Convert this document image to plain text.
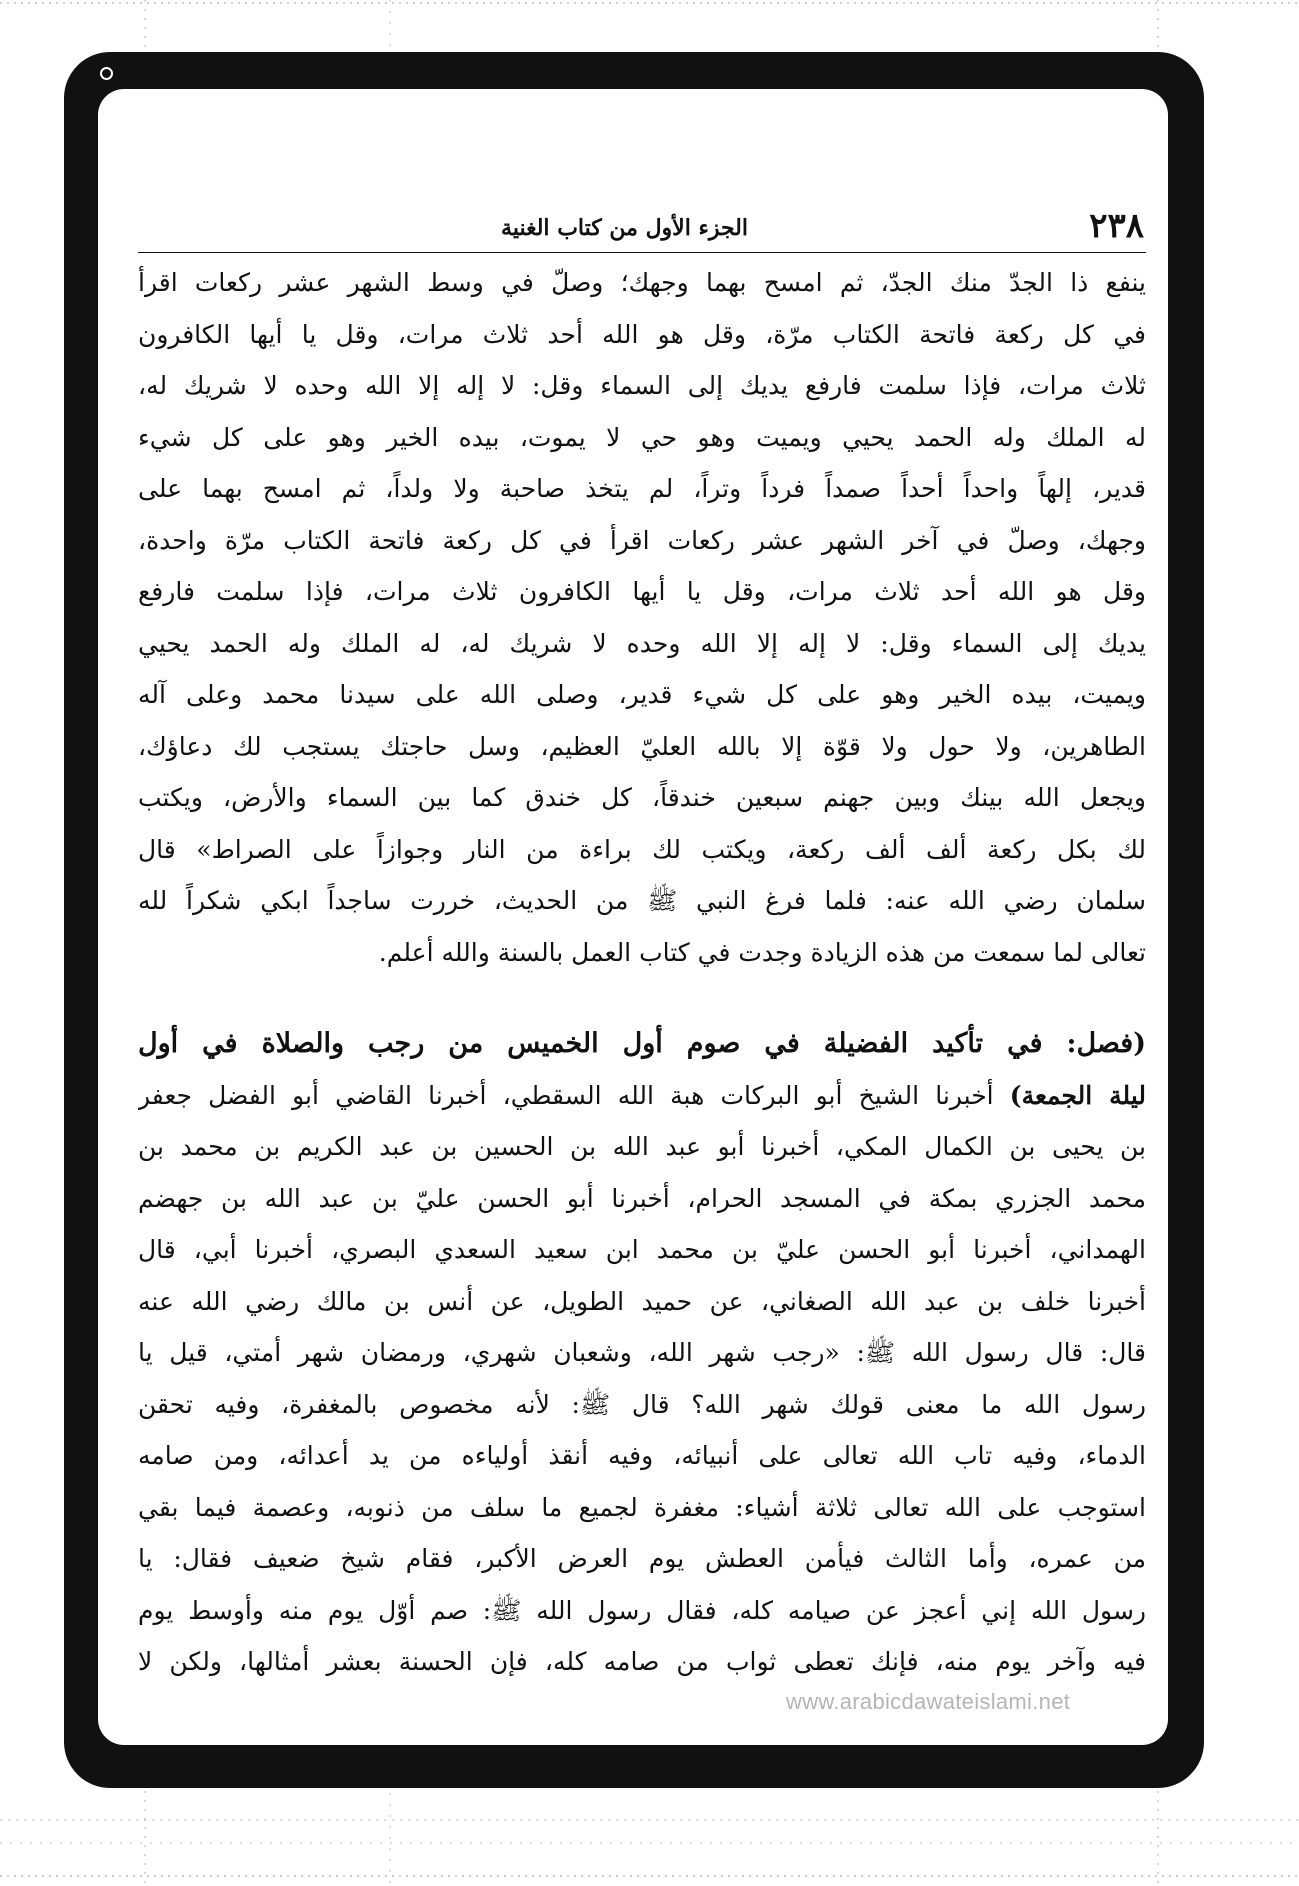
٢٣٨
الجزء الأول من كتاب الغنية
ينفع ذا الجدّ منك الجدّ، ثم امسح بهما وجهك؛ وصلّ في وسط الشهر عشر ركعات اقرأ
في كل ركعة فاتحة الكتاب مرّة، وقل هو الله أحد ثلاث مرات، وقل يا أيها الكافرون
ثلاث مرات، فإذا سلمت فارفع يديك إلى السماء وقل: لا إله إلا الله وحده لا شريك له،
له الملك وله الحمد يحيي ويميت وهو حي لا يموت، بيده الخير وهو على كل شيء
قدير، إلهاً واحداً أحداً صمداً فرداً وتراً، لم يتخذ صاحبة ولا ولداً، ثم امسح بهما على
وجهك، وصلّ في آخر الشهر عشر ركعات اقرأ في كل ركعة فاتحة الكتاب مرّة واحدة،
وقل هو الله أحد ثلاث مرات، وقل يا أيها الكافرون ثلاث مرات، فإذا سلمت فارفع
يديك إلى السماء وقل: لا إله إلا الله وحده لا شريك له، له الملك وله الحمد يحيي
ويميت، بيده الخير وهو على كل شيء قدير، وصلى الله على سيدنا محمد وعلى آله
الطاهرين، ولا حول ولا قوّة إلا بالله العليّ العظيم، وسل حاجتك يستجب لك دعاؤك،
ويجعل الله بينك وبين جهنم سبعين خندقاً، كل خندق كما بين السماء والأرض، ويكتب
لك بكل ركعة ألف ألف ركعة، ويكتب لك براءة من النار وجوازاً على الصراط» قال
سلمان رضي الله عنه: فلما فرغ النبي ﷺ من الحديث، خررت ساجداً ابكي شكراً لله
تعالى لما سمعت من هذه الزيادة وجدت في كتاب العمل بالسنة والله أعلم.
(فصل: في تأكيد الفضيلة في صوم أول الخميس من رجب والصلاة في أول
ليلة الجمعة) أخبرنا الشيخ أبو البركات هبة الله السقطي، أخبرنا القاضي أبو الفضل جعفر
بن يحيى بن الكمال المكي، أخبرنا أبو عبد الله بن الحسين بن عبد الكريم بن محمد بن
محمد الجزري بمكة في المسجد الحرام، أخبرنا أبو الحسن عليّ بن عبد الله بن جهضم
الهمداني، أخبرنا أبو الحسن عليّ بن محمد ابن سعيد السعدي البصري، أخبرنا أبي، قال
أخبرنا خلف بن عبد الله الصغاني، عن حميد الطويل، عن أنس بن مالك رضي الله عنه
قال: قال رسول الله ﷺ: «رجب شهر الله، وشعبان شهري، ورمضان شهر أمتي، قيل يا
رسول الله ما معنى قولك شهر الله؟ قال ﷺ: لأنه مخصوص بالمغفرة، وفيه تحقن
الدماء، وفيه تاب الله تعالى على أنبيائه، وفيه أنقذ أولياءه من يد أعدائه، ومن صامه
استوجب على الله تعالى ثلاثة أشياء: مغفرة لجميع ما سلف من ذنوبه، وعصمة فيما بقي
من عمره، وأما الثالث فيأمن العطش يوم العرض الأكبر، فقام شيخ ضعيف فقال: يا
رسول الله إني أعجز عن صيامه كله، فقال رسول الله ﷺ: صم أوّل يوم منه وأوسط يوم
فيه وآخر يوم منه، فإنك تعطى ثواب من صامه كله، فإن الحسنة بعشر أمثالها، ولكن لا
www.arabicdawateislami.net
